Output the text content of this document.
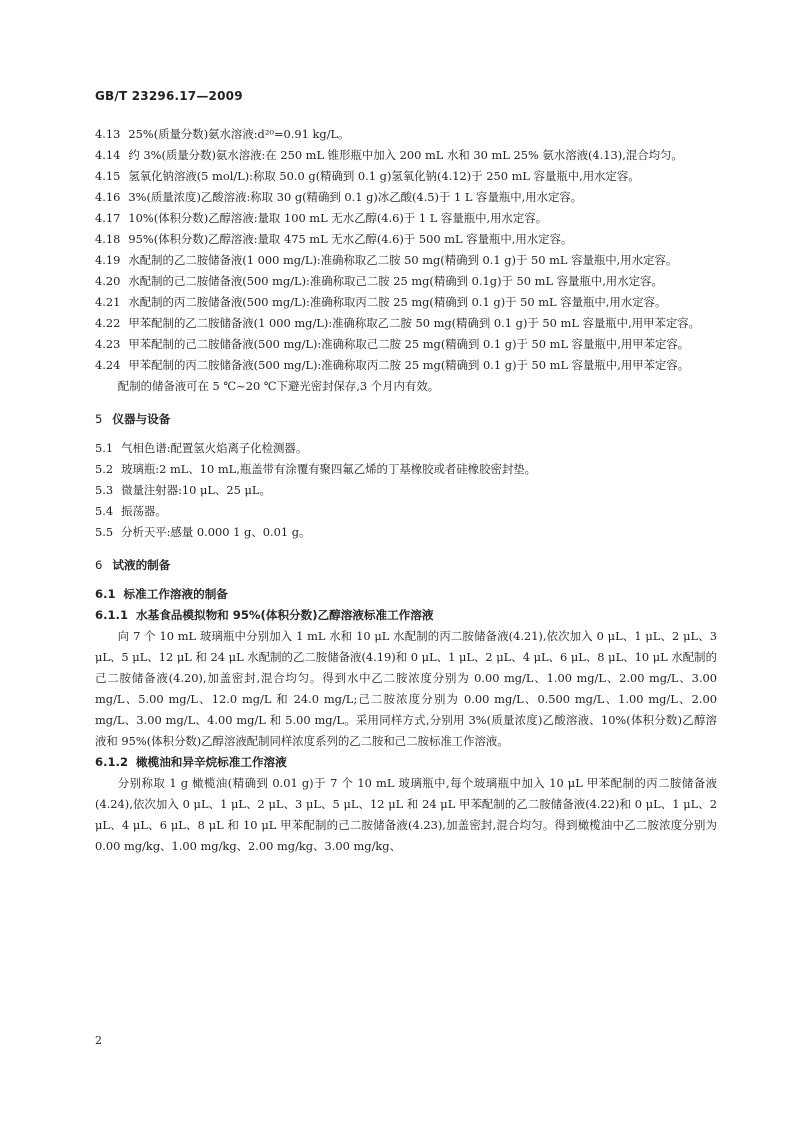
GB/T 23296.17—2009

4.13 25%(质量分数)氨水溶液:d²⁰=0.91 kg/L。

4.14 约 3%(质量分数)氨水溶液:在 250 mL 锥形瓶中加入 200 mL 水和 30 mL 25% 氨水溶液(4.13),混合均匀。

4.15 氢氧化钠溶液(5 mol/L):称取 50.0 g(精确到 0.1 g)氢氧化钠(4.12)于 250 mL 容量瓶中,用水定容。

4.16 3%(质量浓度)乙酸溶液:称取 30 g(精确到 0.1 g)冰乙酸(4.5)于 1 L 容量瓶中,用水定容。

4.17 10%(体积分数)乙醇溶液:量取 100 mL 无水乙醇(4.6)于 1 L 容量瓶中,用水定容。

4.18 95%(体积分数)乙醇溶液:量取 475 mL 无水乙醇(4.6)于 500 mL 容量瓶中,用水定容。

4.19 水配制的乙二胺储备液(1 000 mg/L):准确称取乙二胺 50 mg(精确到 0.1 g)于 50 mL 容量瓶中,用水定容。

4.20 水配制的己二胺储备液(500 mg/L):准确称取己二胺 25 mg(精确到 0.1g)于 50 mL 容量瓶中,用水定容。

4.21 水配制的丙二胺储备液(500 mg/L):准确称取丙二胺 25 mg(精确到 0.1 g)于 50 mL 容量瓶中,用水定容。

4.22 甲苯配制的乙二胺储备液(1 000 mg/L):准确称取乙二胺 50 mg(精确到 0.1 g)于 50 mL 容量瓶中,用甲苯定容。

4.23 甲苯配制的己二胺储备液(500 mg/L):准确称取己二胺 25 mg(精确到 0.1 g)于 50 mL 容量瓶中,用甲苯定容。

4.24 甲苯配制的丙二胺储备液(500 mg/L):准确称取丙二胺 25 mg(精确到 0.1 g)于 50 mL 容量瓶中,用甲苯定容。

配制的储备液可在 5 ℃~20 ℃下避光密封保存,3 个月内有效。

5 仪器与设备

5.1 气相色谱:配置氢火焰离子化检测器。

5.2 玻璃瓶:2 mL、10 mL,瓶盖带有涂覆有聚四氟乙烯的丁基橡胶或者硅橡胶密封垫。

5.3 微量注射器:10 μL、25 μL。

5.4 振荡器。

5.5 分析天平:感量 0.000 1 g、0.01 g。

6 试液的制备

6.1 标准工作溶液的制备

6.1.1 水基食品模拟物和 95%(体积分数)乙醇溶液标准工作溶液

向 7 个 10 mL 玻璃瓶中分别加入 1 mL 水和 10 μL 水配制的丙二胺储备液(4.21),依次加入 0 μL、1 μL、2 μL、3 μL、5 μL、12 μL 和 24 μL 水配制的乙二胺储备液(4.19)和 0 μL、1 μL、2 μL、4 μL、6 μL、8 μL、10 μL 水配制的己二胺储备液(4.20),加盖密封,混合均匀。得到水中乙二胺浓度分别为 0.00 mg/L、1.00 mg/L、2.00 mg/L、3.00 mg/L、5.00 mg/L、12.0 mg/L 和 24.0 mg/L;己二胺浓度分别为 0.00 mg/L、0.500 mg/L、1.00 mg/L、2.00 mg/L、3.00 mg/L、4.00 mg/L 和 5.00 mg/L。采用同样方式,分别用 3%(质量浓度)乙酸溶液、10%(体积分数)乙醇溶液和 95%(体积分数)乙醇溶液配制同样浓度系列的乙二胺和己二胺标准工作溶液。

6.1.2 橄榄油和异辛烷标准工作溶液

分别称取 1 g 橄榄油(精确到 0.01 g)于 7 个 10 mL 玻璃瓶中,每个玻璃瓶中加入 10 μL 甲苯配制的丙二胺储备液(4.24),依次加入 0 μL、1 μL、2 μL、3 μL、5 μL、12 μL 和 24 μL 甲苯配制的乙二胺储备液(4.22)和 0 μL、1 μL、2 μL、4 μL、6 μL、8 μL 和 10 μL 甲苯配制的己二胺储备液(4.23),加盖密封,混合均匀。得到橄榄油中乙二胺浓度分别为 0.00 mg/kg、1.00 mg/kg、2.00 mg/kg、3.00 mg/kg、

2
